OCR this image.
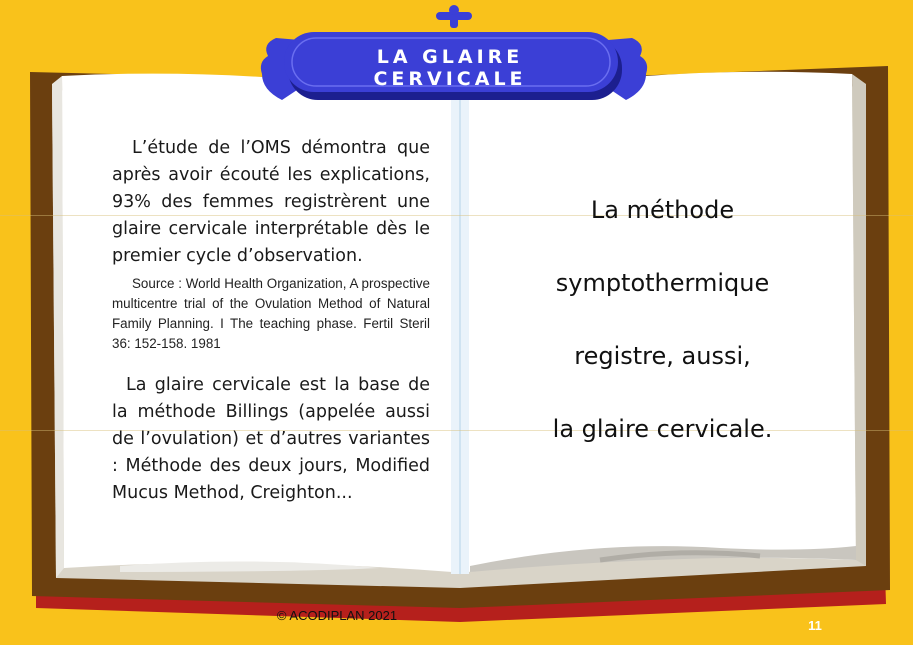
LA GLAIRE CERVICALE

L’étude de l’OMS démontra que après avoir écouté les explications, 93% des femmes registrèrent une glaire cervicale interprétable dès le premier cycle d’observation.

Source : World Health Organization, A prospective multicentre trial of the Ovulation Method of Natural Family Planning. I The teaching phase. Fertil Steril 36: 152-158. 1981

La glaire cervicale est la base de la méthode Billings (appelée aussi de l’ovulation) et d’autres variantes : Méthode des deux jours, Modified Mucus Method, Creighton...

La méthode
symptothermique
registre, aussi,
la glaire cervicale.
© ACODIPLAN 2021
11
